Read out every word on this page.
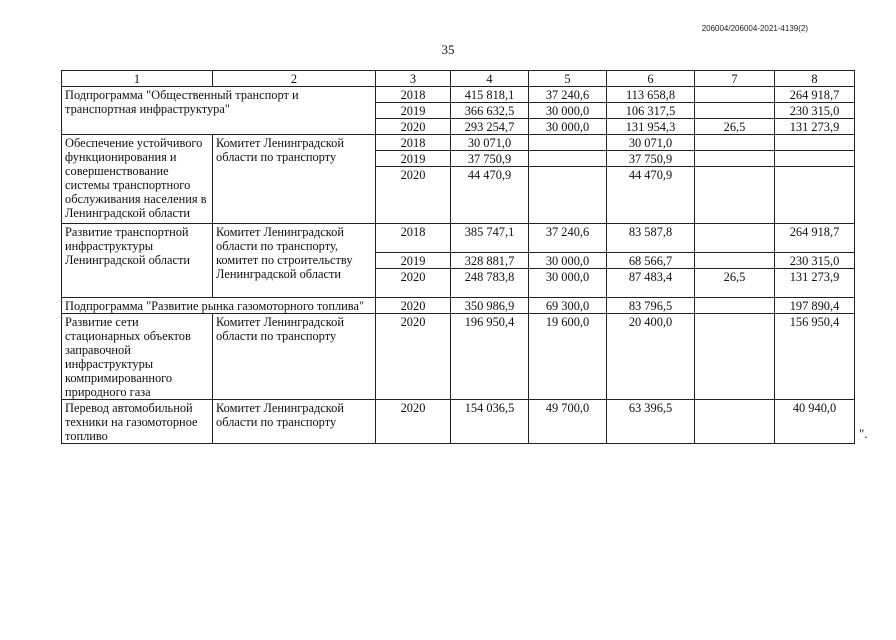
206004/206004-2021-4139(2)
35
1	2	3	4	5	6	7	8
Подпрограмма "Общественный транспорт и транспортная инфраструктура"		2018	415 818,1	37 240,6	113 658,8		264 918,7
		2019	366 632,5	30 000,0	106 317,5		230 315,0
		2020	293 254,7	30 000,0	131 954,3	26,5	131 273,9
Обеспечение устойчивого функционирования и совершенствование системы транспортного обслуживания населения в Ленинградской области	Комитет Ленинградской области по транспорту	2018	30 071,0		30 071,0		
		2019	37 750,9		37 750,9		
		2020	44 470,9		44 470,9		
Развитие транспортной инфраструктуры Ленинградской области	Комитет Ленинградской области по транспорту, комитет по строительству Ленинградской области	2018	385 747,1	37 240,6	83 587,8		264 918,7
		2019	328 881,7	30 000,0	68 566,7		230 315,0
		2020	248 783,8	30 000,0	87 483,4	26,5	131 273,9
Подпрограмма "Развитие рынка газомоторного топлива"		2020	350 986,9	69 300,0	83 796,5		197 890,4
Развитие сети стационарных объектов заправочной инфраструктуры компримированного природного газа	Комитет Ленинградской области по транспорту	2020	196 950,4	19 600,0	20 400,0		156 950,4
Перевод автомобильной техники на газомоторное топливо	Комитет Ленинградской области по транспорту	2020	154 036,5	49 700,0	63 396,5		40 940,0
".
